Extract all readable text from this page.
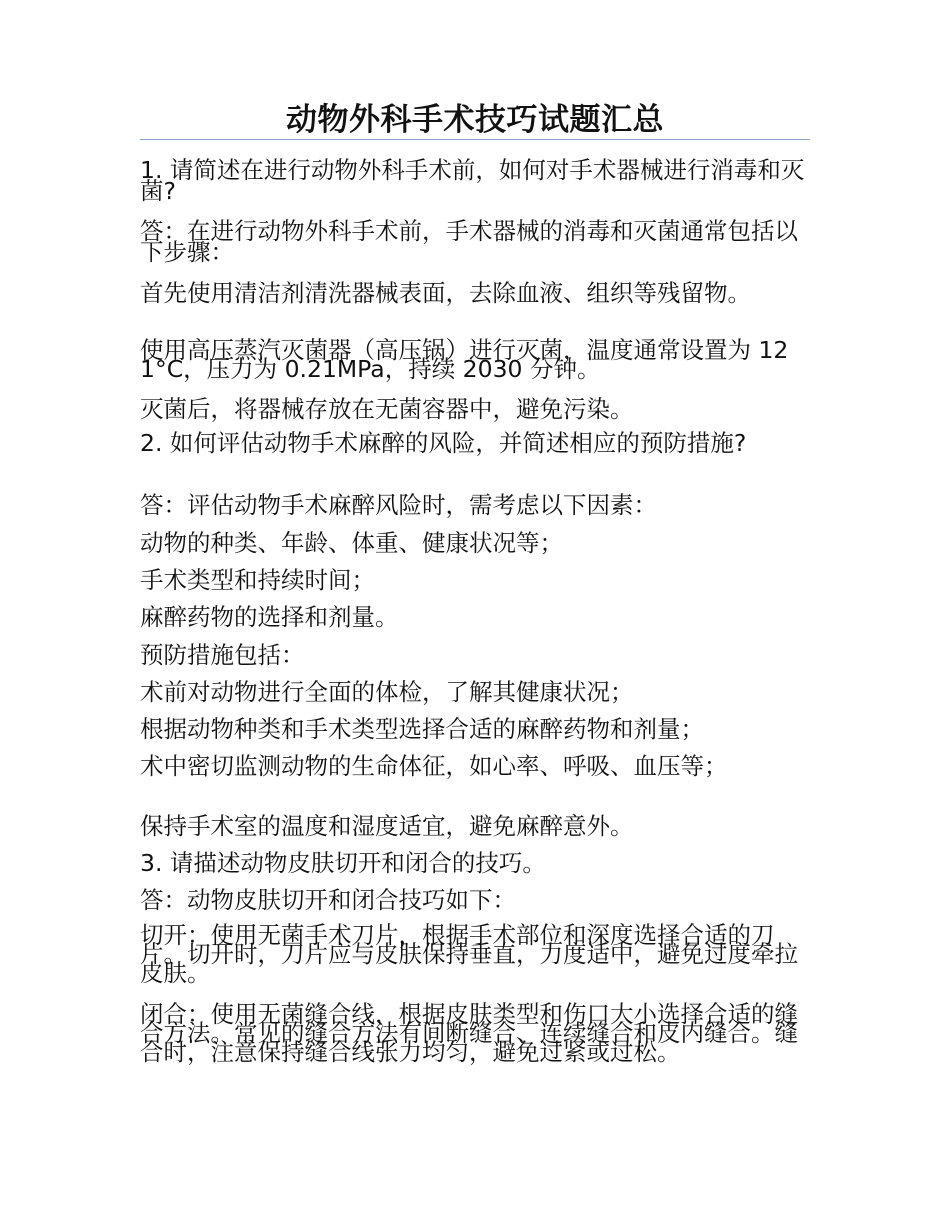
动物外科手术技巧试题汇总

1. 请简述在进行动物外科手术前，如何对手术器械进行消毒和灭菌?

答：在进行动物外科手术前，手术器械的消毒和灭菌通常包括以下步骤：

首先使用清洁剂清洗器械表面，去除血液、组织等残留物。

使用高压蒸汽灭菌器（高压锅）进行灭菌，温度通常设置为 121°C，压力为 0.21MPa，持续 2030 分钟。

灭菌后，将器械存放在无菌容器中，避免污染。

2. 如何评估动物手术麻醉的风险，并简述相应的预防措施?

答：评估动物手术麻醉风险时，需考虑以下因素：

动物的种类、年龄、体重、健康状况等；

手术类型和持续时间；

麻醉药物的选择和剂量。

预防措施包括：

术前对动物进行全面的体检，了解其健康状况；

根据动物种类和手术类型选择合适的麻醉药物和剂量；

术中密切监测动物的生命体征，如心率、呼吸、血压等；

保持手术室的温度和湿度适宜，避免麻醉意外。

3. 请描述动物皮肤切开和闭合的技巧。

答：动物皮肤切开和闭合技巧如下：

切开：使用无菌手术刀片，根据手术部位和深度选择合适的刀片。切开时，刀片应与皮肤保持垂直，力度适中，避免过度牵拉皮肤。

闭合：使用无菌缝合线，根据皮肤类型和伤口大小选择合适的缝合方法。常见的缝合方法有间断缝合、连续缝合和皮内缝合。缝合时，注意保持缝合线张力均匀，避免过紧或过松。
